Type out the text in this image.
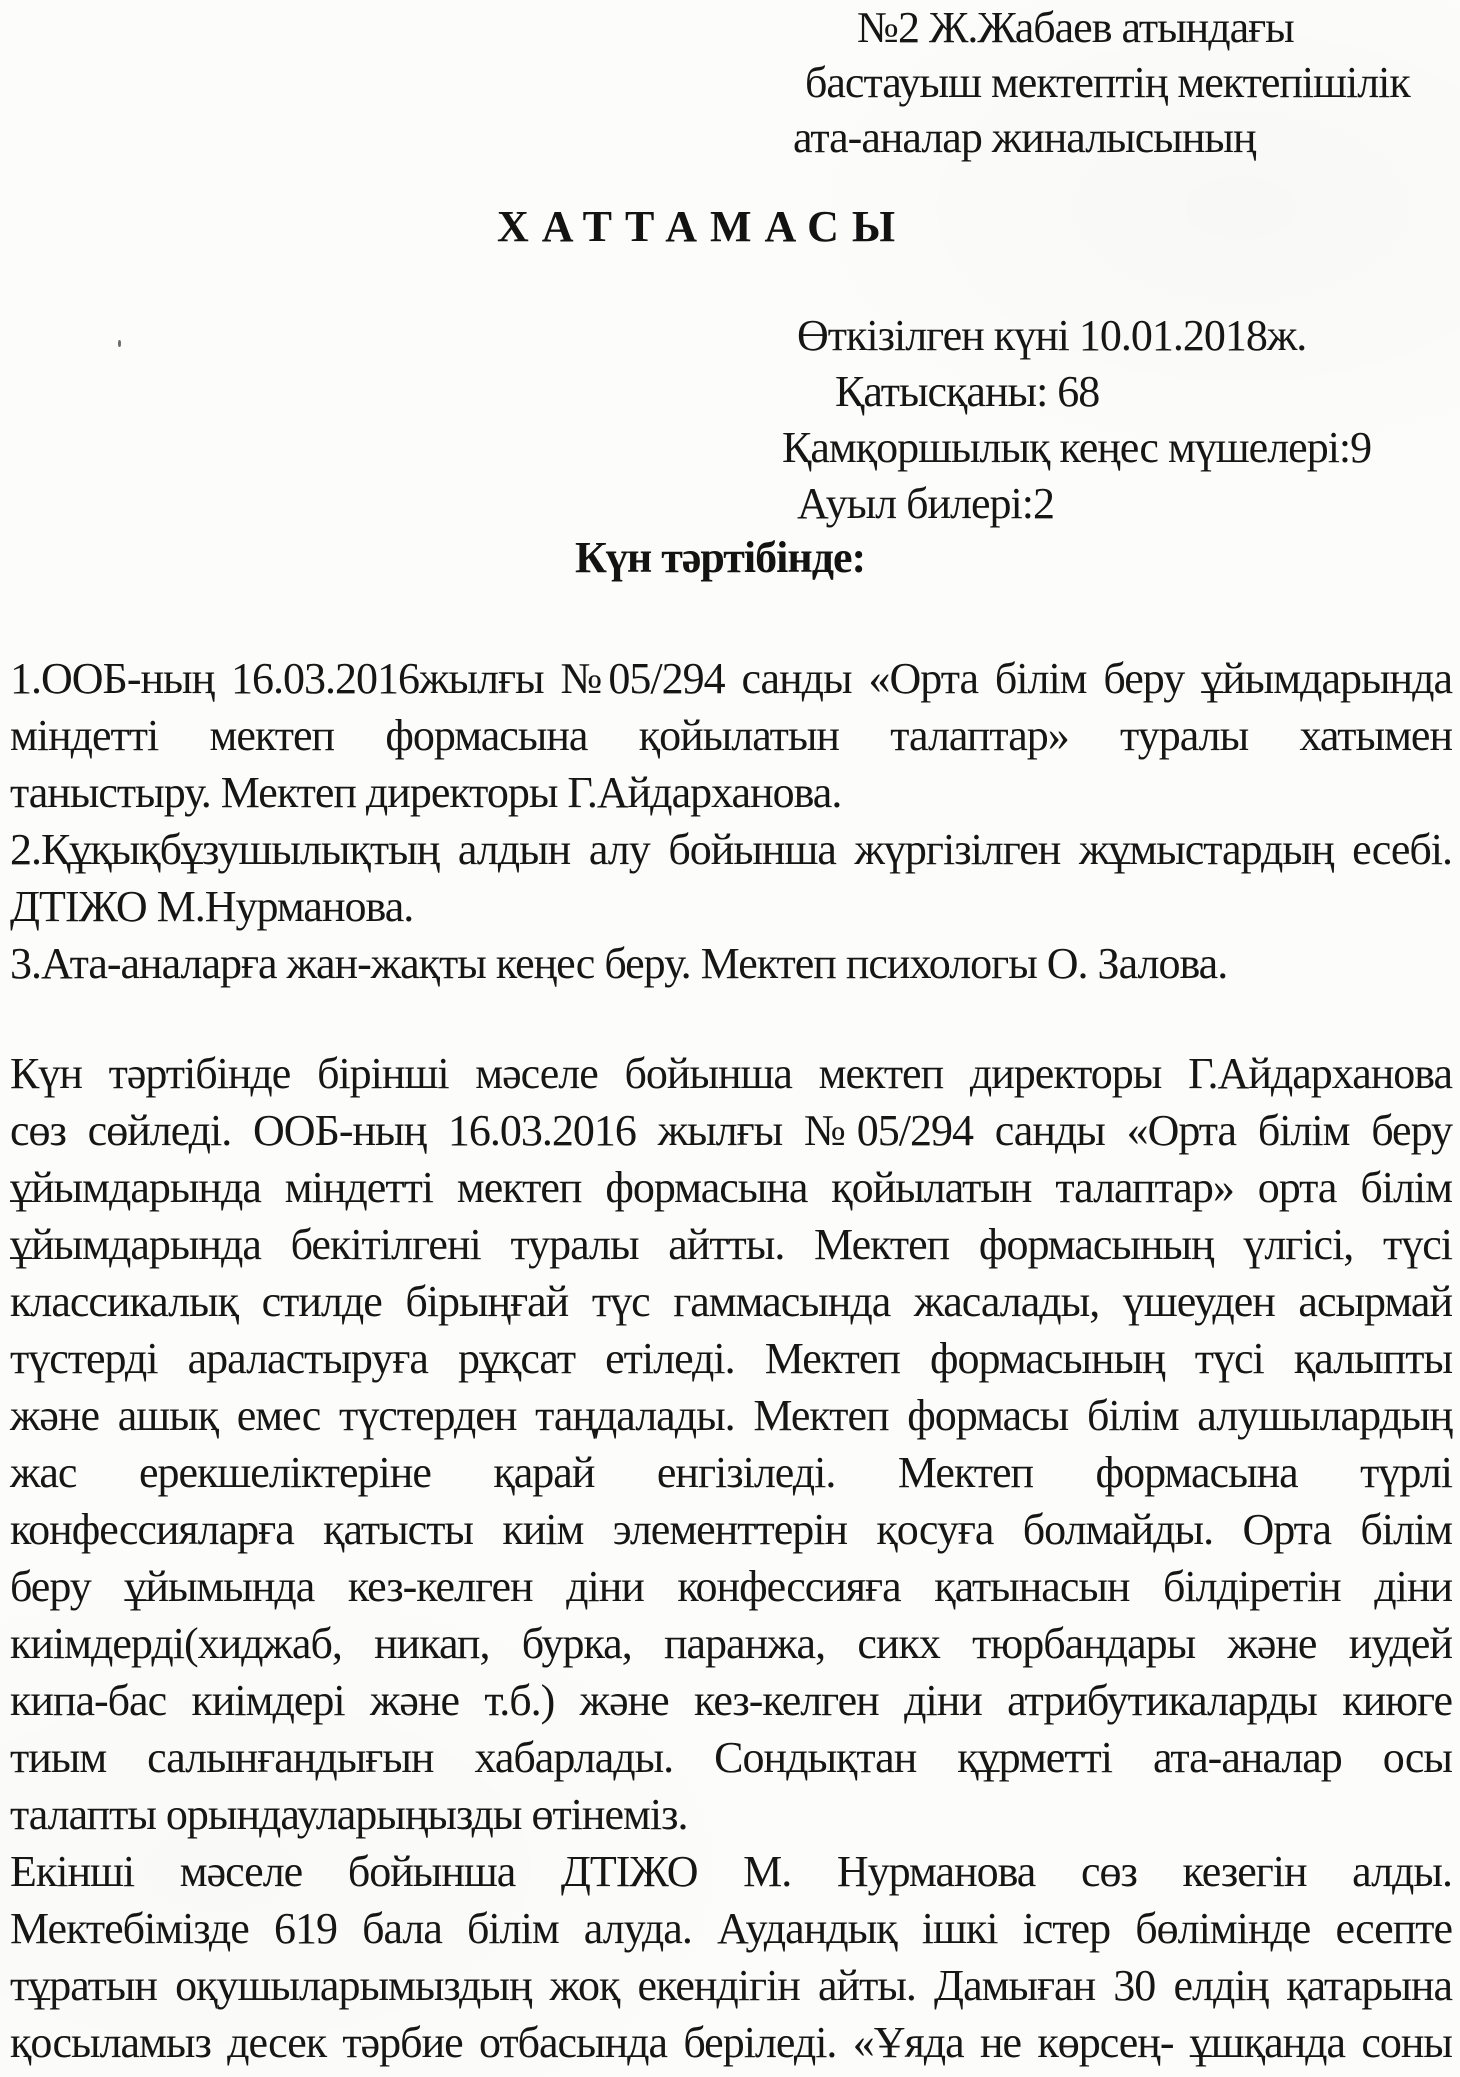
№2 Ж.Жабаев атындағы
бастауыш мектептің мектепішілік
ата-аналар жиналысының
ХАТТАМАСЫ
Өткізілген күні 10.01.2018ж.
Қатысқаны: 68
Қамқоршылық кеңес мүшелері:9
Ауыл билері:2
Күн тәртібінде:
1.ООБ-ның 16.03.2016жылғы №05/294 санды «Орта білім беру ұйымдарында
міндетті мектеп формасына қойылатын талаптар» туралы хатымен
таныстыру. Мектеп директоры Г.Айдарханова.
2.Құқықбұзушылықтың алдын алу бойынша жүргізілген жұмыстардың есебі.
ДТІЖО М.Нурманова.
3.Ата-аналарға жан-жақты кеңес беру. Мектеп психологы О. Залова.
Күн тәртібінде бірінші мәселе бойынша мектеп директоры Г.Айдарханова
сөз сөйледі. ООБ-ның 16.03.2016 жылғы №05/294 санды «Орта білім беру
ұйымдарында міндетті мектеп формасына қойылатын талаптар» орта білім
ұйымдарында бекітілгені туралы айтты. Мектеп формасының үлгісі, түсі
классикалық стилде бірыңғай түс гаммасында жасалады, үшеуден асырмай
түстерді араластыруға рұқсат етіледі. Мектеп формасының түсі қалыпты
және ашық емес түстерден таңдалады. Мектеп формасы білім алушылардың
жас ерекшеліктеріне қарай енгізіледі. Мектеп формасына түрлі
конфессияларға қатысты киім элементтерін қосуға болмайды. Орта білім
беру ұйымында кез-келген діни конфессияға қатынасын білдіретін діни
киімдерді(хиджаб, никап, бурка, паранжа, сикх тюрбандары және иудей
кипа-бас киімдері және т.б.) және кез-келген діни атрибутикаларды киюге
тиым салынғандығын хабарлады. Сондықтан құрметті ата-аналар осы
талапты орындауларыңызды өтінеміз.
Екінші мәселе бойынша ДТІЖО М. Нурманова сөз кезегін алды.
Мектебімізде 619 бала білім алуда. Аудандық ішкі істер бөлімінде есепте
тұратын оқушыларымыздың жоқ екендігін айты. Дамыған 30 елдің қатарына
қосыламыз десек тәрбие отбасында беріледі. «Ұяда не көрсең- ұшқанда соны
